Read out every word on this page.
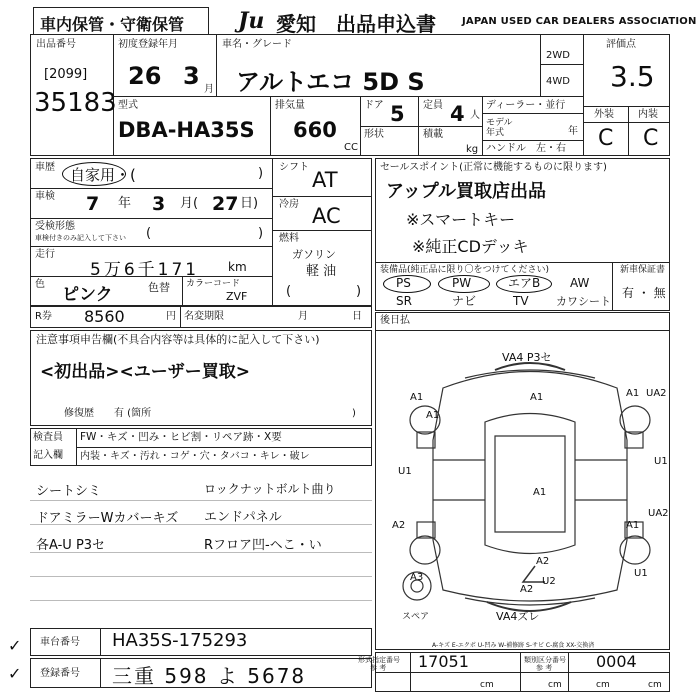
車内保管・守衛保管 Ju 愛知 出品申込書	JAPAN USED CAR DEALERS ASSOCIATION
出品番号
[2099]
35183
初度登録年月
26 3 月
車名・グレード
アルトエコ 5D S
2WD
4WD
評価点
3.5
外装 内装
C C
型式
DBA-HA35S
排気量
660
CC
ドア 5 定員 4 人
形状	積載
kg
ディーラー・並行
モデル 年式	年
ハンドル 左・右
車歴 自家用・(	)
車検 7 年 3 月( 27 日)
受検形態
車検付きのみ記入して下さい (	)
走行
5万6千171 km
色
ピンク	色替 カラーコード
ZVF
シフト
AT
冷房 AC
燃料
ガソリン
軽 油
(	)
セールスポイント(正常に機能するものに限ります)
アップル買取店出品
※スマートキー
※純正CDデッキ
装備品(純正品に限り〇をつけてください)	新車保証書
有 ・ 無
PS	PW	エアB AW
SR	ナビ	TV カワシート
R券 8560	円 名変期限	月	日
注意事項申告欄(不具合内容等は具体的に記入して下さい)
<初出品><ユーザー買取>
修復歴 有 (箇所	)
後日払
検査員
記入欄
FW・キズ・凹み・ヒビ割・リペア跡・X要
内装・キズ・汚れ・コゲ・穴・タバコ・キレ・破レ
シートシミ	ロックナットボルト曲り
ドアミラーWカバーキズ エンドパネル
各A-U P3セ	Rフロア凹-ヘこ・い
VA4 P3セ
VA4ズレ
A1
A1
A1	A1
A1
A1
UA2
UA2
U1
U1
U1
A2
A2
A2
U2
A3
スペア
A-キズ E-エクボ U-凹み W-補修跡 S-サビ C-腐食 XX-交換済
車台番号 HA35S-175293
登録番号 三重 598 よ 5678
✓
✓
形式指定番号
参 考 17051	類別区分番号
参 考	0004
cm	cm	cm	cm
